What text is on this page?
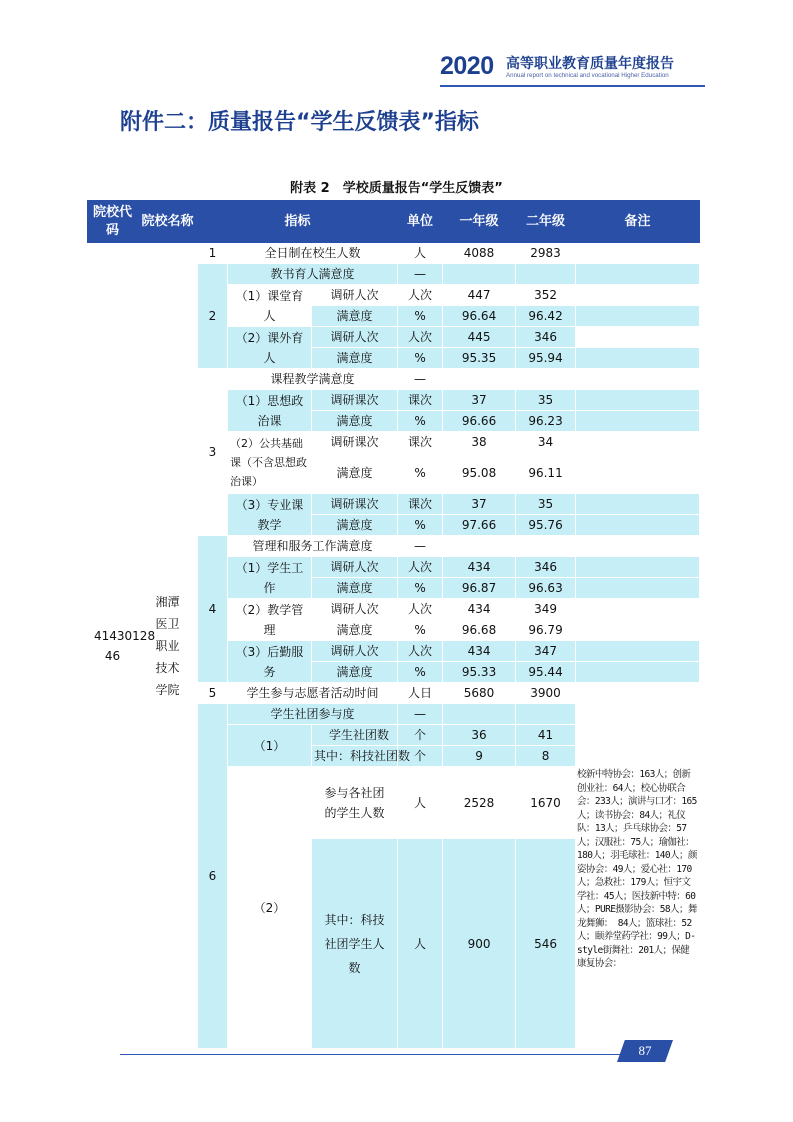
2020 高等职业教育质量年度报告
Annual report on technical and vocational Higher Education
附件二：质量报告“学生反馈表”指标
附表 2　学校质量报告“学生反馈表”
院校代码	院校名称	指标			单位	一年级	二年级	备注
41430128 46	湘潭医卫职业技术学院	1	全日制在校生人数		人	4088	2983	
		2	教书育人满意度		—			
			（1）课堂育人	调研人次	人次	447	352	
				满意度	%	96.64	96.42	
			（2）课外育人	调研人次	人次	445	346	
				满意度	%	95.35	95.94	
		3	课程教学满意度		—			
			（1）思想政治课	调研课次	课次	37	35	
				满意度	%	96.66	96.23	
			（2）公共基础课（不含思想政治课）	调研课次	课次	38	34	
				满意度	%	95.08	96.11	
			（3）专业课教学	调研课次	课次	37	35	
				满意度	%	97.66	95.76	
		4	管理和服务工作满意度		—			
			（1）学生工作	调研人次	人次	434	346	
				满意度	%	96.87	96.63	
			（2）教学管理	调研人次	人次	434	349	
				满意度	%	96.68	96.79	
			（3）后勤服务	调研人次	人次	434	347	
				满意度	%	95.33	95.44	
		5	学生参与志愿者活动时间		人日	5680	3900	
		6	学生社团参与度		—			
			（1）	学生社团数	个	36	41	
				其中：科技社团数	个	9	8	
			（2）	参与各社团的学生人数	人	2528	1670	校新中特协会：163人；创新创业社：64人；校心协联合会：233人；演讲与口才：165人；读书协会：84人；礼仪队：13人；乒乓球协会：57人；汉服社：75人；瑜伽社：180人；羽毛球社：140人；颜姿协会：49人；爱心社：170人；急救社：179人；恒宇文学社：45人；医技新中特：60人；PURE摄影协会：58人；舞龙舞狮： 84人；篮球社：52人；颐养堂药学社：99人；D-style街舞社：201人；保健康复协会：
				其中：科技社团学生人数	人	900	546	
87
